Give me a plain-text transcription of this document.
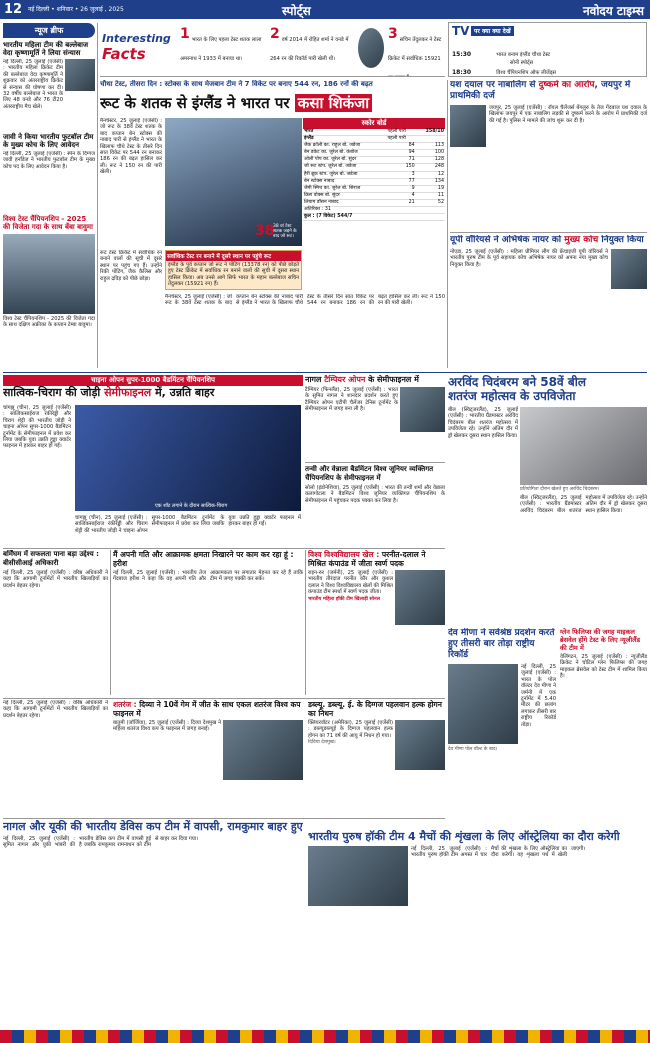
12 नई दिल्ली • शनिवार • 26 जुलाई , 2025	स्पोर्ट्स	नवोदय टाइम्स
न्यूज ब्रीफ
भारतीय महिला टीम की बल्लेबाज वेदा कृष्णामूर्ति ने लिया संन्यास
नई दिल्ली, 25 जुलाई (एजेंसी) : भारतीय महिला क्रिकेट टीम की बल्लेबाज वेदा कृष्णामूर्ति ने शुक्रवार को अंतरराष्ट्रीय क्रिकेट से संन्यास की घोषणा कर दी। 32 वर्षीय बल्लेबाज ने भारत के लिए 48 वनडे और 76 टी20 अंतरराष्ट्रीय मैच खेले।
जावी ने किया भारतीय फुटबॉल टीम के मुख्य कोच के लिए आवेदन
नई दिल्ली, 25 जुलाई (एजेंसी) : स्पेन के दिग्गज जावी हर्नांडेज ने भारतीय फुटबॉल टीम के मुख्य कोच पद के लिए आवेदन किया है।
विश्व टेस्ट चैंपियनशिप - 2025 की विजेता गदा के साथ बेंबा बावुमा
विश्व टेस्ट चैंपियनशिप - 2025 की विजेता गदा के साथ दक्षिण अफ्रीका के कप्तान टेम्बा बावुमा।
Interesting
Facts
1 भारत के लिए पहला टेस्ट शतक लाला अमरनाथ ने 1933 में बनाया था।
2 वर्ष 2014 में रोहित शर्मा ने वनडे में 264 रन की रिकॉर्ड पारी खेली थी।
3 सचिन तेंदुलकर ने टेस्ट क्रिकेट में सर्वाधिक 15921
TV पर क्या क्या देखें
15:30	भारत बनाम इंग्लैंड चौथा टेस्ट
सोनी स्पोर्ट्स
18:30	विश्व चैंपियनशिप ऑफ लीजेंड्स
चौथा टेस्ट, तीसरा दिन : स्टोक्स के साथ मेजबान टीम ने 7 विकेट पर बनाए 544 रन, 186 रनों की बढ़त
रूट के शतक से इंग्लैंड ने भारत पर कसा शिकंजा
मैनचेस्टर, 25 जुलाई (एजेंसी) : जो रूट के 38वें टेस्ट शतक के बाद कप्तान बेन स्टोक्स की नाबाद पारी से इंग्लैंड ने भारत के खिलाफ चौथे टेस्ट के तीसरे दिन सात विकेट पर 544 रन बनाकर 186 रन की बढ़त हासिल कर ली। रूट ने 150 रन की पारी खेली।
38
38 वां टेस्ट शतक जड़ने के बाद जो रूट।
स्कोर बोर्ड
भारत	पहली पारी	358/10
इंग्लैंड	पहली पारी	
जैक क्रॉली का. राहुल बो. जडेजा	84	113
बेन डकेट का. जुरेल बो. कंबोज	94	100
ओली पोप का. जुरेल बो. सुंदर	71	128
जो रूट स्टंप. जुरेल बो. जडेजा	150	248
हैरी ब्रूक स्टंप. जुरेल बो. जडेजा	3	12
बेन स्टोक्स नाबाद	77	134
जेमी स्मिथ का. जुरेल बो. सिराज	9	19
क्रिस वोक्स बो. सुंदर	4	11
लियाम डॉसन नाबाद	21	52
अतिरिक्त : 31		
कुल : (7 विकेट) 544/7		
सर्वाधिक टेस्ट रन बनाने में दूसरे स्थान पर पहुंचे रूट
इंग्लैंड के पूर्व कप्तान जो रूट ने पोंटिंग (13378 रन) को पीछे छोड़ते हुए टेस्ट क्रिकेट में सर्वाधिक रन बनाने वालों की सूची में दूसरा स्थान हासिल किया। अब उनसे आगे सिर्फ भारत के महान बल्लेबाज सचिन तेंदुलकर (15921 रन) हैं।
रूट टेस्ट क्रिकेट में सर्वाधिक रन बनाने वालों की सूची में दूसरे स्थान पर पहुंच गए हैं। उन्होंने रिकी पोंटिंग, जैक कैलिस और राहुल द्रविड़ को पीछे छोड़ा।
मैनचेस्टर, 25 जुलाई (एजेंसी) : जो रूट के 38वें टेस्ट शतक के बाद कप्तान बेन स्टोक्स की नाबाद पारी से इंग्लैंड ने भारत के खिलाफ चौथे टेस्ट के तीसरे दिन सात विकेट पर 544 रन बनाकर 186 रन की बढ़त हासिल कर ली। रूट ने 150 रन की पारी खेली।
यश दयाल पर नाबालिग से दुष्कर्म का आरोप, जयपुर में प्राथमिकी दर्ज
जयपुर, 25 जुलाई (एजेंसी) : रॉयल चैलेंजर्स बेंगलुरु के तेज गेंदबाज यश दयाल के खिलाफ जयपुर में एक नाबालिग लड़की से दुष्कर्म करने के आरोप में प्राथमिकी दर्ज की गई है। पुलिस ने मामले की जांच शुरू कर दी है।
यूपी वॉरियर्स ने अभिषेक नायर को मुख्य कोच नियुक्त किया
नोएडा, 25 जुलाई (एजेंसी) : महिला प्रीमियर लीग की फ्रेंचाइजी यूपी वॉरियर्स ने भारतीय पुरुष टीम के पूर्व सहायक कोच अभिषेक नायर को अपना नया मुख्य कोच नियुक्त किया है।
चाइना ओपन सुपर-1000 बैडमिंटन चैंपियनशिप
सात्विक-चिराग की जोड़ी सेमीफाइनल में, उन्नति बाहर
चांगझू (चीन), 25 जुलाई (एजेंसी) : सात्विकसाईराज रंकीरेड्डी और चिराग शेट्टी की भारतीय जोड़ी ने चाइना ओपन सुपर-1000 बैडमिंटन टूर्नामेंट के सेमीफाइनल में प्रवेश कर लिया जबकि युवा उन्नति हुड्डा क्वार्टर फाइनल में हारकर बाहर हो गईं।
एक शॉट लगाने के दौरान सात्विक-चिराग
चांगझू (चीन), 25 जुलाई (एजेंसी) : सात्विकसाईराज रंकीरेड्डी और चिराग शेट्टी की भारतीय जोड़ी ने चाइना ओपन सुपर-1000 बैडमिंटन टूर्नामेंट के सेमीफाइनल में प्रवेश कर लिया जबकि युवा उन्नति हुड्डा क्वार्टर फाइनल में हारकर बाहर हो गईं।
नागल टैम्पियर ओपन के सेमीफाइनल में
टैम्पियर (फिनलैंड), 25 जुलाई (एजेंसी) : भारत के सुमित नागल ने शानदार प्रदर्शन करते हुए टैम्पियर ओपन एटीपी चैलेंजर टेनिस टूर्नामेंट के सेमीफाइनल में जगह बना ली है।
तन्वी और वेन्नाला बैडमिंटन विश्व जूनियर व्यक्तिगत चैंपियनशिप के सेमीफाइनल में
सोलो (इंडोनेशिया), 25 जुलाई (एजेंसी) : भारत की तन्वी शर्मा और वेन्नाला कलागोटला ने बैडमिंटन विश्व जूनियर व्यक्तिगत चैंपियनशिप के सेमीफाइनल में पहुंचकर पदक पक्का कर लिया है।
अरविंद चिदंबरम बने 58वें बील
शतरंज महोत्सव के उपविजेता
बील (स्विट्जरलैंड), 25 जुलाई (एजेंसी) : भारतीय ग्रैंडमास्टर अरविंद चिदंबरम बील शतरंज महोत्सव में उपविजेता रहे। उन्होंने अंतिम दौर में ड्रॉ खेलकर दूसरा स्थान हासिल किया।
प्रतियोगिता दौरान खेलते हुए अरविंद चिदंबरम।
बील (स्विट्जरलैंड), 25 जुलाई (एजेंसी) : भारतीय ग्रैंडमास्टर अरविंद चिदंबरम बील शतरंज महोत्सव में उपविजेता रहे। उन्होंने अंतिम दौर में ड्रॉ खेलकर दूसरा स्थान हासिल किया।
बर्मिंघम में सफलता पाना बड़ा उद्देश्य : बीसीसीआई अधिकारी
नई दिल्ली, 25 जुलाई (एजेंसी) : वरिष्ठ अधिकारी ने कहा कि आगामी टूर्नामेंटों में भारतीय खिलाड़ियों का प्रदर्शन बेहतर रहेगा।
मैं अपनी गति और आक्रामक क्षमता निखारने पर काम कर रहा हूं : हरीश
नई दिल्ली, 25 जुलाई (एजेंसी) : भारतीय तेज गेंदबाज हरीश ने कहा कि वह अपनी गति और आक्रामकता पर लगातार मेहनत कर रहे हैं ताकि टीम में जगह पक्की कर सकें।
विश्व विश्वविद्यालय खेल : परनीत-दलाल ने मिश्रित कंपाउंड में जीता स्वर्ण पदक
राइन-रुर (जर्मनी), 25 जुलाई (एजेंसी) : भारतीय तीरंदाज परनीत कौर और कुशल दलाल ने विश्व विश्वविद्यालय खेलों की मिश्रित कंपाउंड टीम स्पर्धा में स्वर्ण पदक जीता।
भारतीय महिला हॉकी टीम खिलाड़ी सोनल
शतरंज : दिव्या ने 10वें गेम में जीत के साथ एकल शतरंज विश्व कप फाइनल में
बातुमी (जॉर्जिया), 25 जुलाई (एजेंसी) : दिव्या देशमुख ने महिला शतरंज विश्व कप के फाइनल में जगह बनाई।
डब्ल्यू. डब्ल्यू. ई. के दिग्गज पहलवान हल्क होगन का निधन
क्लियरवॉटर (अमेरिका), 25 जुलाई (एजेंसी) : डब्ल्यूडब्ल्यूई के दिग्गज पहलवान हल्क होगन का 71 वर्ष की आयु में निधन हो गया।
दिविया देशमुख।
नई दिल्ली, 25 जुलाई (एजेंसी) : वरिष्ठ अधिकारी ने कहा कि आगामी टूर्नामेंटों में भारतीय खिलाड़ियों का प्रदर्शन बेहतर रहेगा।
देव मीणा ने सर्वश्रेष्ठ प्रदर्शन करते हुए तीसरी बार तोड़ा राष्ट्रीय रिकॉर्ड
नई दिल्ली, 25 जुलाई (एजेंसी) : भारत के पोल वॉल्टर देव मीणा ने जर्मनी में एक टूर्नामेंट में 5.40 मीटर की छलांग लगाकर तीसरी बार राष्ट्रीय रिकॉर्ड तोड़ा।
देव मीणा पोल वॉल्ट के बाद।
नागल और यूकी की भारतीय डेविस कप टीम में वापसी, रामकुमार बाहर हुए
नई दिल्ली, 25 जुलाई (एजेंसी) : सुमित नागल और युकी भांबरी की भारतीय डेविस कप टीम में वापसी हुई है जबकि रामकुमार रामनाथन को टीम से बाहर कर दिया गया।	भारतीय पुरुष हॉकी टीम 4 मैचों की शृंखला के लिए ऑस्ट्रेलिया का दौरा करेगी
नई दिल्ली, 25 जुलाई (एजेंसी) : भारतीय पुरुष हॉकी टीम अगस्त में चार मैचों की शृंखला के लिए ऑस्ट्रेलिया का दौरा करेगी। यह शृंखला पर्थ में खेली जाएगी।
ग्लेन फिलिप्स की जगह माइकल ब्रेसवेल होंगे टेस्ट के लिए न्यूजीलैंड की टीम में
वेलिंगटन, 25 जुलाई (एजेंसी) : न्यूजीलैंड क्रिकेट ने चोटिल ग्लेन फिलिप्स की जगह माइकल ब्रेसवेल को टेस्ट टीम में शामिल किया है।
